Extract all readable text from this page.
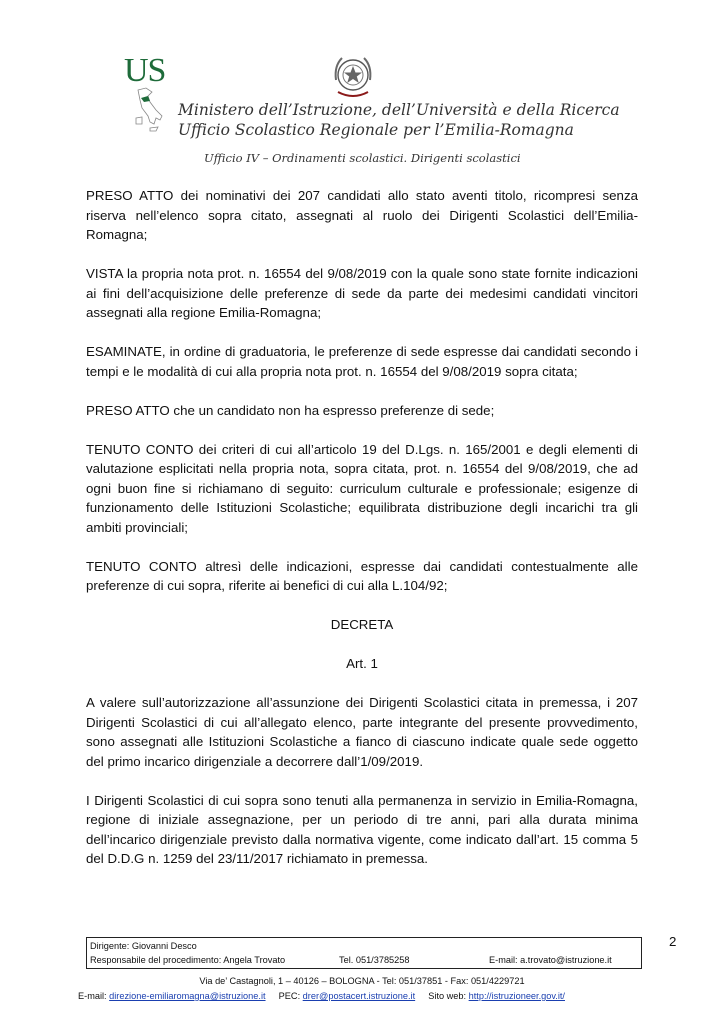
US
Ministero dell’Istruzione, dell’Università e della Ricerca
Ufficio Scolastico Regionale per l’Emilia-Romagna
Ufficio IV – Ordinamenti scolastici. Dirigenti scolastici

PRESO ATTO dei nominativi dei 207 candidati allo stato aventi titolo, ricompresi senza riserva nell’elenco sopra citato, assegnati al ruolo dei Dirigenti Scolastici dell’Emilia-Romagna;

VISTA la propria nota prot. n. 16554 del 9/08/2019 con la quale sono state fornite indicazioni ai fini dell’acquisizione delle preferenze di sede da parte dei medesimi candidati vincitori assegnati alla regione Emilia-Romagna;

ESAMINATE, in ordine di graduatoria, le preferenze di sede espresse dai candidati secondo i tempi e le modalità di cui alla propria nota prot. n. 16554 del 9/08/2019 sopra citata;

PRESO ATTO che un candidato non ha espresso preferenze di sede;

TENUTO CONTO dei criteri di cui all’articolo 19 del D.Lgs. n. 165/2001 e degli elementi di valutazione esplicitati nella propria nota, sopra citata, prot. n. 16554 del 9/08/2019, che ad ogni buon fine si richiamano di seguito: curriculum culturale e professionale; esigenze di funzionamento delle Istituzioni Scolastiche; equilibrata distribuzione degli incarichi tra gli ambiti provinciali;

TENUTO CONTO altresì delle indicazioni, espresse dai candidati contestualmente alle preferenze di cui sopra, riferite ai benefici di cui alla L.104/92;

DECRETA

Art. 1

A valere sull’autorizzazione all’assunzione dei Dirigenti Scolastici citata in premessa, i 207 Dirigenti Scolastici di cui all’allegato elenco, parte integrante del presente provvedimento, sono assegnati alle Istituzioni Scolastiche a fianco di ciascuno indicate quale sede oggetto del primo incarico dirigenziale a decorrere dall’1/09/2019.

I Dirigenti Scolastici di cui sopra sono tenuti alla permanenza in servizio in Emilia-Romagna, regione di iniziale assegnazione, per un periodo di tre anni, pari alla durata minima dell’incarico dirigenziale previsto dalla normativa vigente, come indicato dall’art. 15 comma 5 del D.D.G n. 1259 del 23/11/2017 richiamato in premessa.

Dirigente: Giovanni Desco
Responsabile del procedimento: Angela Trovato	Tel. 051/3785258	E-mail: a.trovato@istruzione.it
2
Via de’ Castagnoli, 1 – 40126 – BOLOGNA - Tel: 051/37851 - Fax: 051/4229721
E-mail: direzione-emiliaromagna@istruzione.it PEC: drer@postacert.istruzione.it Sito web: http://istruzioneer.gov.it/
